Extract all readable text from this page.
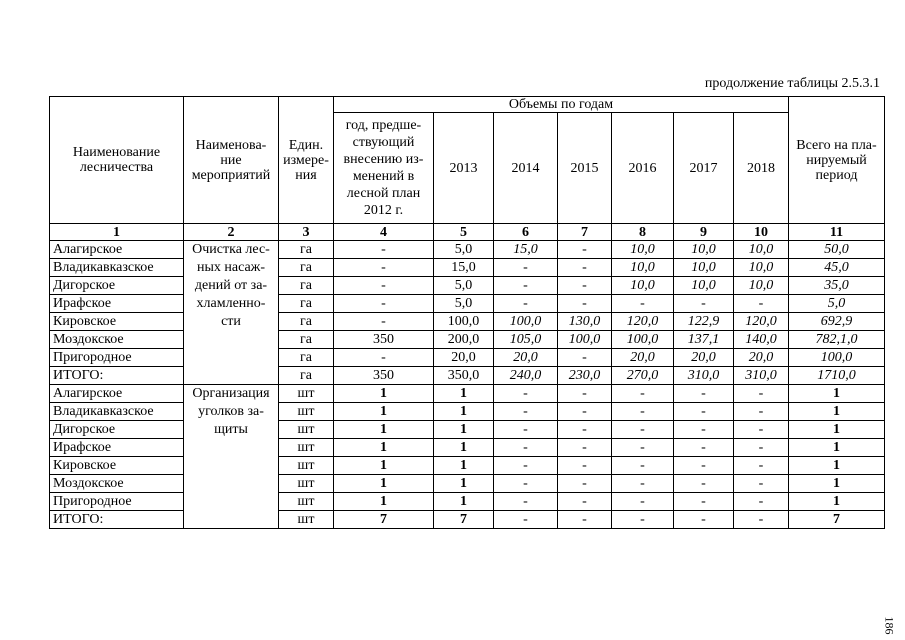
продолжение таблицы 2.5.3.1
Наименование лесничества	Наименова-ние мероприятий	Един. измере-ния	Объемы по годам							Всего на пла-нируемый период
			год, предше-ствующий внесению из-менений в лесной план 2012 г.	2013	2014	2015	2016	2017	2018	
1	2	3	4	5	6	7	8	9	10	11
Алагирское	Очистка лес-ных насаж-дений от за-хламленно-сти	га	-	5,0	15,0	-	10,0	10,0	10,0	50,0
Владикавказское		га	-	15,0	-	-	10,0	10,0	10,0	45,0
Дигорское		га	-	5,0	-	-	10,0	10,0	10,0	35,0
Ирафское		га	-	5,0	-	-	-	-	-	5,0
Кировское		га	-	100,0	100,0	130,0	120,0	122,9	120,0	692,9
Моздокское		га	350	200,0	105,0	100,0	100,0	137,1	140,0	782,1,0
Пригородное		га	-	20,0	20,0	-	20,0	20,0	20,0	100,0
ИТОГО:		га	350	350,0	240,0	230,0	270,0	310,0	310,0	1710,0
Алагирское	Организация уголков за-щиты	шт	1	1	-	-	-	-	-	1
Владикавказское		шт	1	1	-	-	-	-	-	1
Дигорское		шт	1	1	-	-	-	-	-	1
Ирафское		шт	1	1	-	-	-	-	-	1
Кировское		шт	1	1	-	-	-	-	-	1
Моздокское		шт	1	1	-	-	-	-	-	1
Пригородное		шт	1	1	-	-	-	-	-	1
ИТОГО:		шт	7	7	-	-	-	-	-	7
186
